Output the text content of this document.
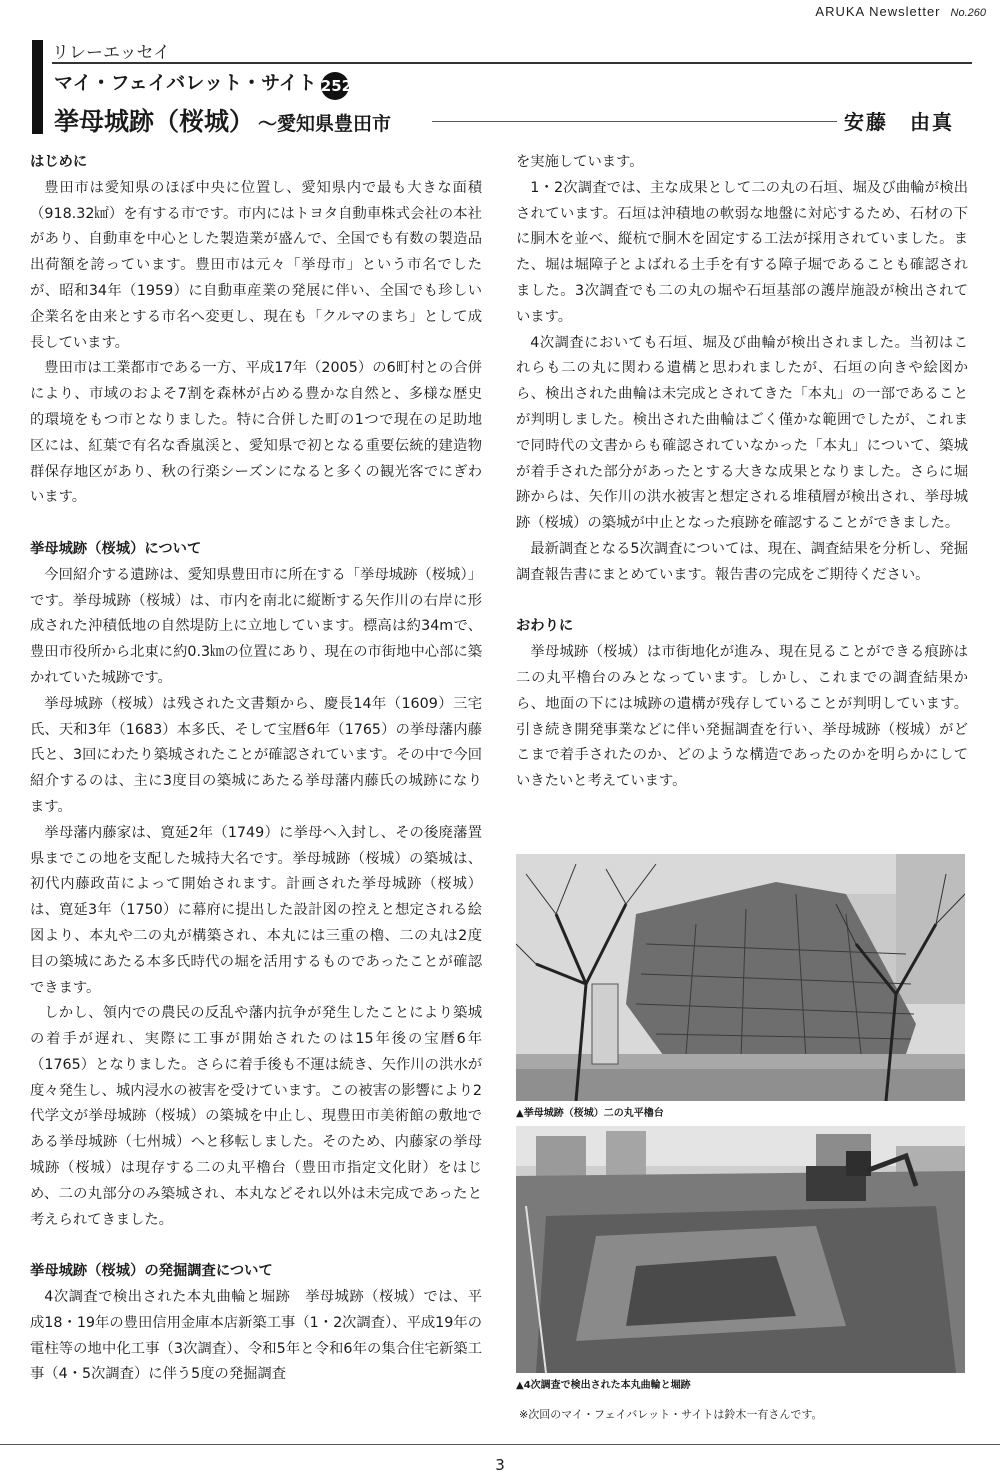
ARUKA Newsletter No.260
リレーエッセイ
マイ・フェイバレット・サイト 252
挙母城跡（桜城） ～愛知県豊田市	安藤　由真
はじめに

豊田市は愛知県のほぼ中央に位置し、愛知県内で最も大きな面積（918.32㎢）を有する市です。市内にはトヨタ自動車株式会社の本社があり、自動車を中心とした製造業が盛んで、全国でも有数の製造品出荷額を誇っています。豊田市は元々「挙母市」という市名でしたが、昭和34年（1959）に自動車産業の発展に伴い、全国でも珍しい企業名を由来とする市名へ変更し、現在も「クルマのまち」として成長しています。

豊田市は工業都市である一方、平成17年（2005）の6町村との合併により、市域のおよそ7割を森林が占める豊かな自然と、多様な歴史的環境をもつ市となりました。特に合併した町の1つで現在の足助地区には、紅葉で有名な香嵐渓と、愛知県で初となる重要伝統的建造物群保存地区があり、秋の行楽シーズンになると多くの観光客でにぎわいます。

挙母城跡（桜城）について

今回紹介する遺跡は、愛知県豊田市に所在する「挙母城跡（桜城）」です。挙母城跡（桜城）は、市内を南北に縦断する矢作川の右岸に形成された沖積低地の自然堤防上に立地しています。標高は約34mで、豊田市役所から北東に約0.3㎞の位置にあり、現在の市街地中心部に築かれていた城跡です。

挙母城跡（桜城）は残された文書類から、慶長14年（1609）三宅氏、天和3年（1683）本多氏、そして宝暦6年（1765）の挙母藩内藤氏と、3回にわたり築城されたことが確認されています。その中で今回紹介するのは、主に3度目の築城にあたる挙母藩内藤氏の城跡になります。

挙母藩内藤家は、寛延2年（1749）に挙母へ入封し、その後廃藩置県までこの地を支配した城持大名です。挙母城跡（桜城）の築城は、初代内藤政苗によって開始されます。計画された挙母城跡（桜城）は、寛延3年（1750）に幕府に提出した設計図の控えと想定される絵図より、本丸や二の丸が構築され、本丸には三重の櫓、二の丸は2度目の築城にあたる本多氏時代の堀を活用するものであったことが確認できます。

しかし、領内での農民の反乱や藩内抗争が発生したことにより築城の着手が遅れ、実際に工事が開始されたのは15年後の宝暦6年（1765）となりました。さらに着手後も不運は続き、矢作川の洪水が度々発生し、城内浸水の被害を受けています。この被害の影響により2代学文が挙母城跡（桜城）の築城を中止し、現豊田市美術館の敷地である挙母城跡（七州城）へと移転しました。そのため、内藤家の挙母城跡（桜城）は現存する二の丸平櫓台（豊田市指定文化財）をはじめ、二の丸部分のみ築城され、本丸などそれ以外は未完成であったと考えられてきました。

挙母城跡（桜城）の発掘調査について

4次調査で検出された本丸曲輪と堀跡　挙母城跡（桜城）では、平成18・19年の豊田信用金庫本店新築工事（1・2次調査）、平成19年の電柱等の地中化工事（3次調査）、令和5年と令和6年の集合住宅新築工事（4・5次調査）に伴う5度の発掘調査

を実施しています。

1・2次調査では、主な成果として二の丸の石垣、堀及び曲輪が検出されています。石垣は沖積地の軟弱な地盤に対応するため、石材の下に胴木を並べ、縦杭で胴木を固定する工法が採用されていました。また、堀は堀障子とよばれる土手を有する障子堀であることも確認されました。3次調査でも二の丸の堀や石垣基部の護岸施設が検出されています。

4次調査においても石垣、堀及び曲輪が検出されました。当初はこれらも二の丸に関わる遺構と思われましたが、石垣の向きや絵図から、検出された曲輪は未完成とされてきた「本丸」の一部であることが判明しました。検出された曲輪はごく僅かな範囲でしたが、これまで同時代の文書からも確認されていなかった「本丸」について、築城が着手された部分があったとする大きな成果となりました。さらに堀跡からは、矢作川の洪水被害と想定される堆積層が検出され、挙母城跡（桜城）の築城が中止となった痕跡を確認することができました。

最新調査となる5次調査については、現在、調査結果を分析し、発掘調査報告書にまとめています。報告書の完成をご期待ください。

おわりに

挙母城跡（桜城）は市街地化が進み、現在見ることができる痕跡は二の丸平櫓台のみとなっています。しかし、これまでの調査結果から、地面の下には城跡の遺構が残存していることが判明しています。引き続き開発事業などに伴い発掘調査を行い、挙母城跡（桜城）がどこまで着手されたのか、どのような構造であったのかを明らかにしていきたいと考えています。

▲挙母城跡（桜城）二の丸平櫓台
▲4次調査で検出された本丸曲輪と堀跡
※次回のマイ・フェイバレット・サイトは鈴木一有さんです。
3
